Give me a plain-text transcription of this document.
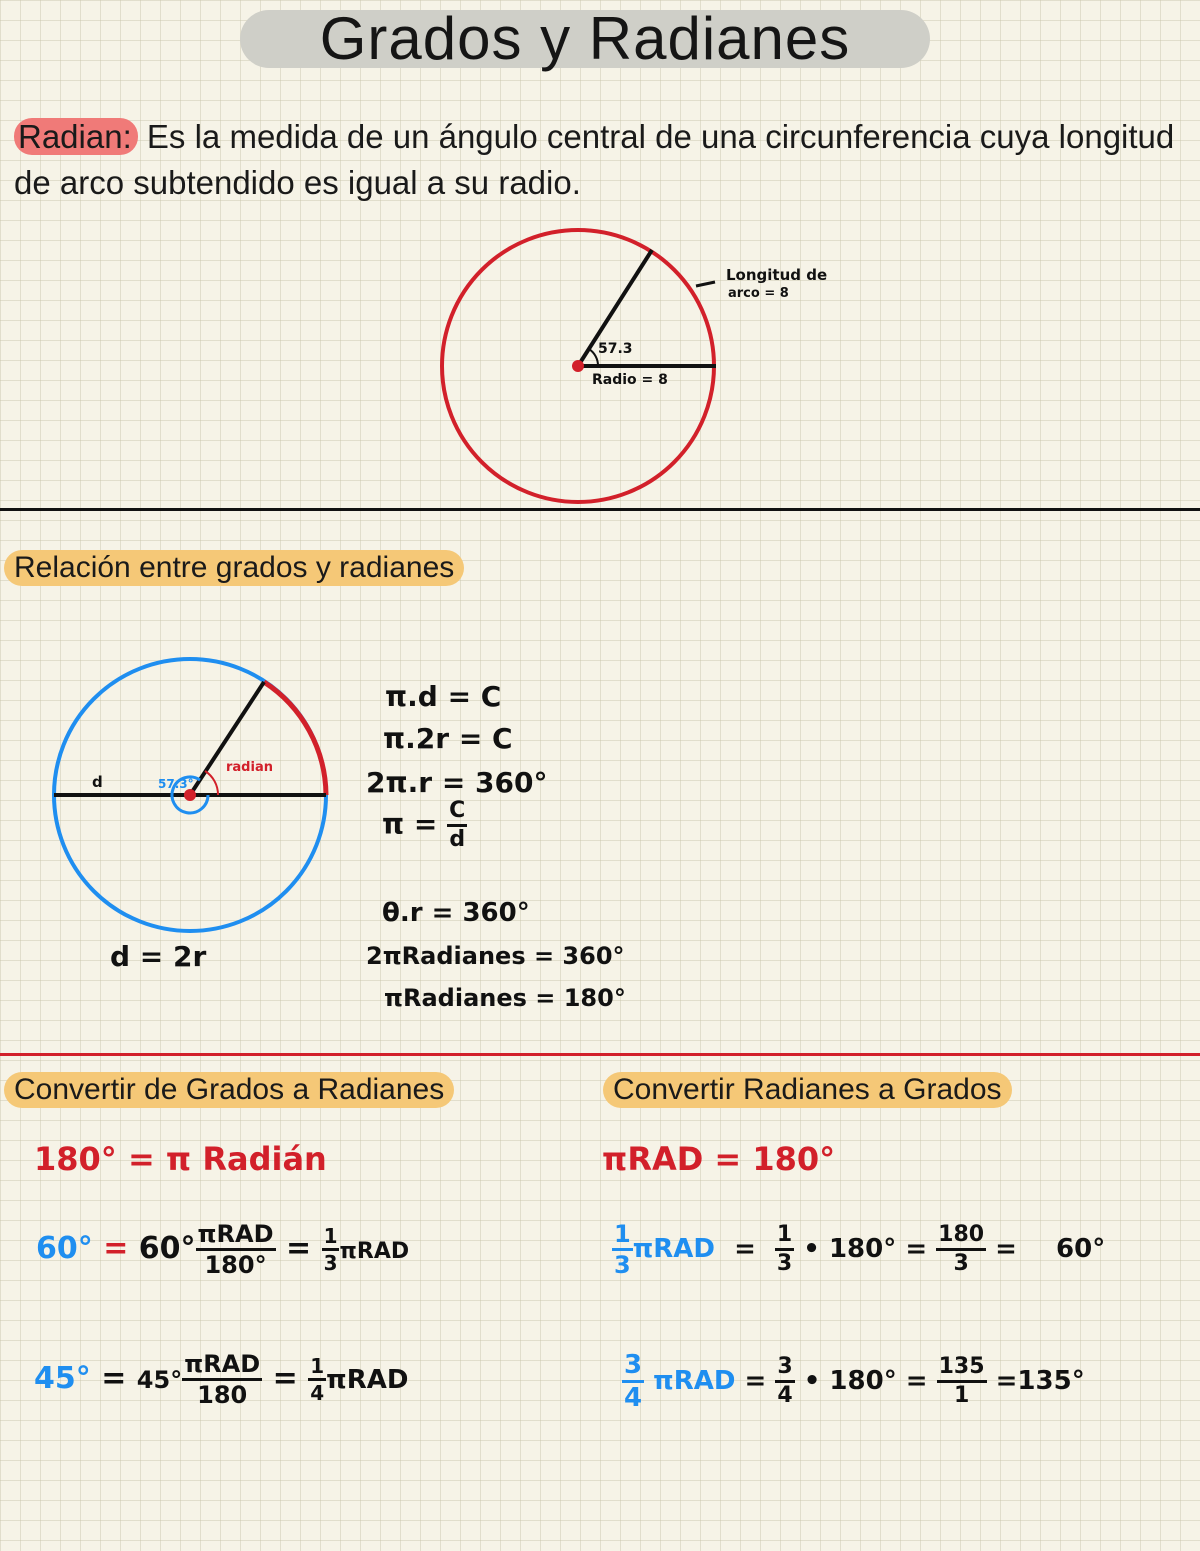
Grados y Radianes
Radian: Es la medida de un ángulo central de una circunferencia cuya longitud de arco subtendido es igual a su radio.
Longitud de
arco = 8
57.3
Radio = 8
Relación entre grados y radianes
d
radian
57.3°
d = 2r
π.d = C
π.2r = C
2π.r = 360°
$\pi = \frac{C}{d}$
θ.r = 360°
2πRadianes = 360°
πRadianes = 180°
Convertir de Grados a Radianes	Convertir Radianes a Grados
180° = π Radián
$60^\circ = 60^\circ \frac{\text{πRAD}}{180^\circ} = \frac{1}{3}$ πRAD
$45^\circ = 45^\circ \frac{\text{πRAD}}{180} = \frac{1}{4}$ πRAD
πRAD = 180°
$\frac{1}{3}$ $\pi RAD = \frac{1}{3}$ • $180^\circ = \frac{180}{3} = 60^\circ$
$\frac{3}{4}$ $\pi RAD = \frac{3}{4}$ • $180^\circ = \frac{135}{1} =135^\circ$
